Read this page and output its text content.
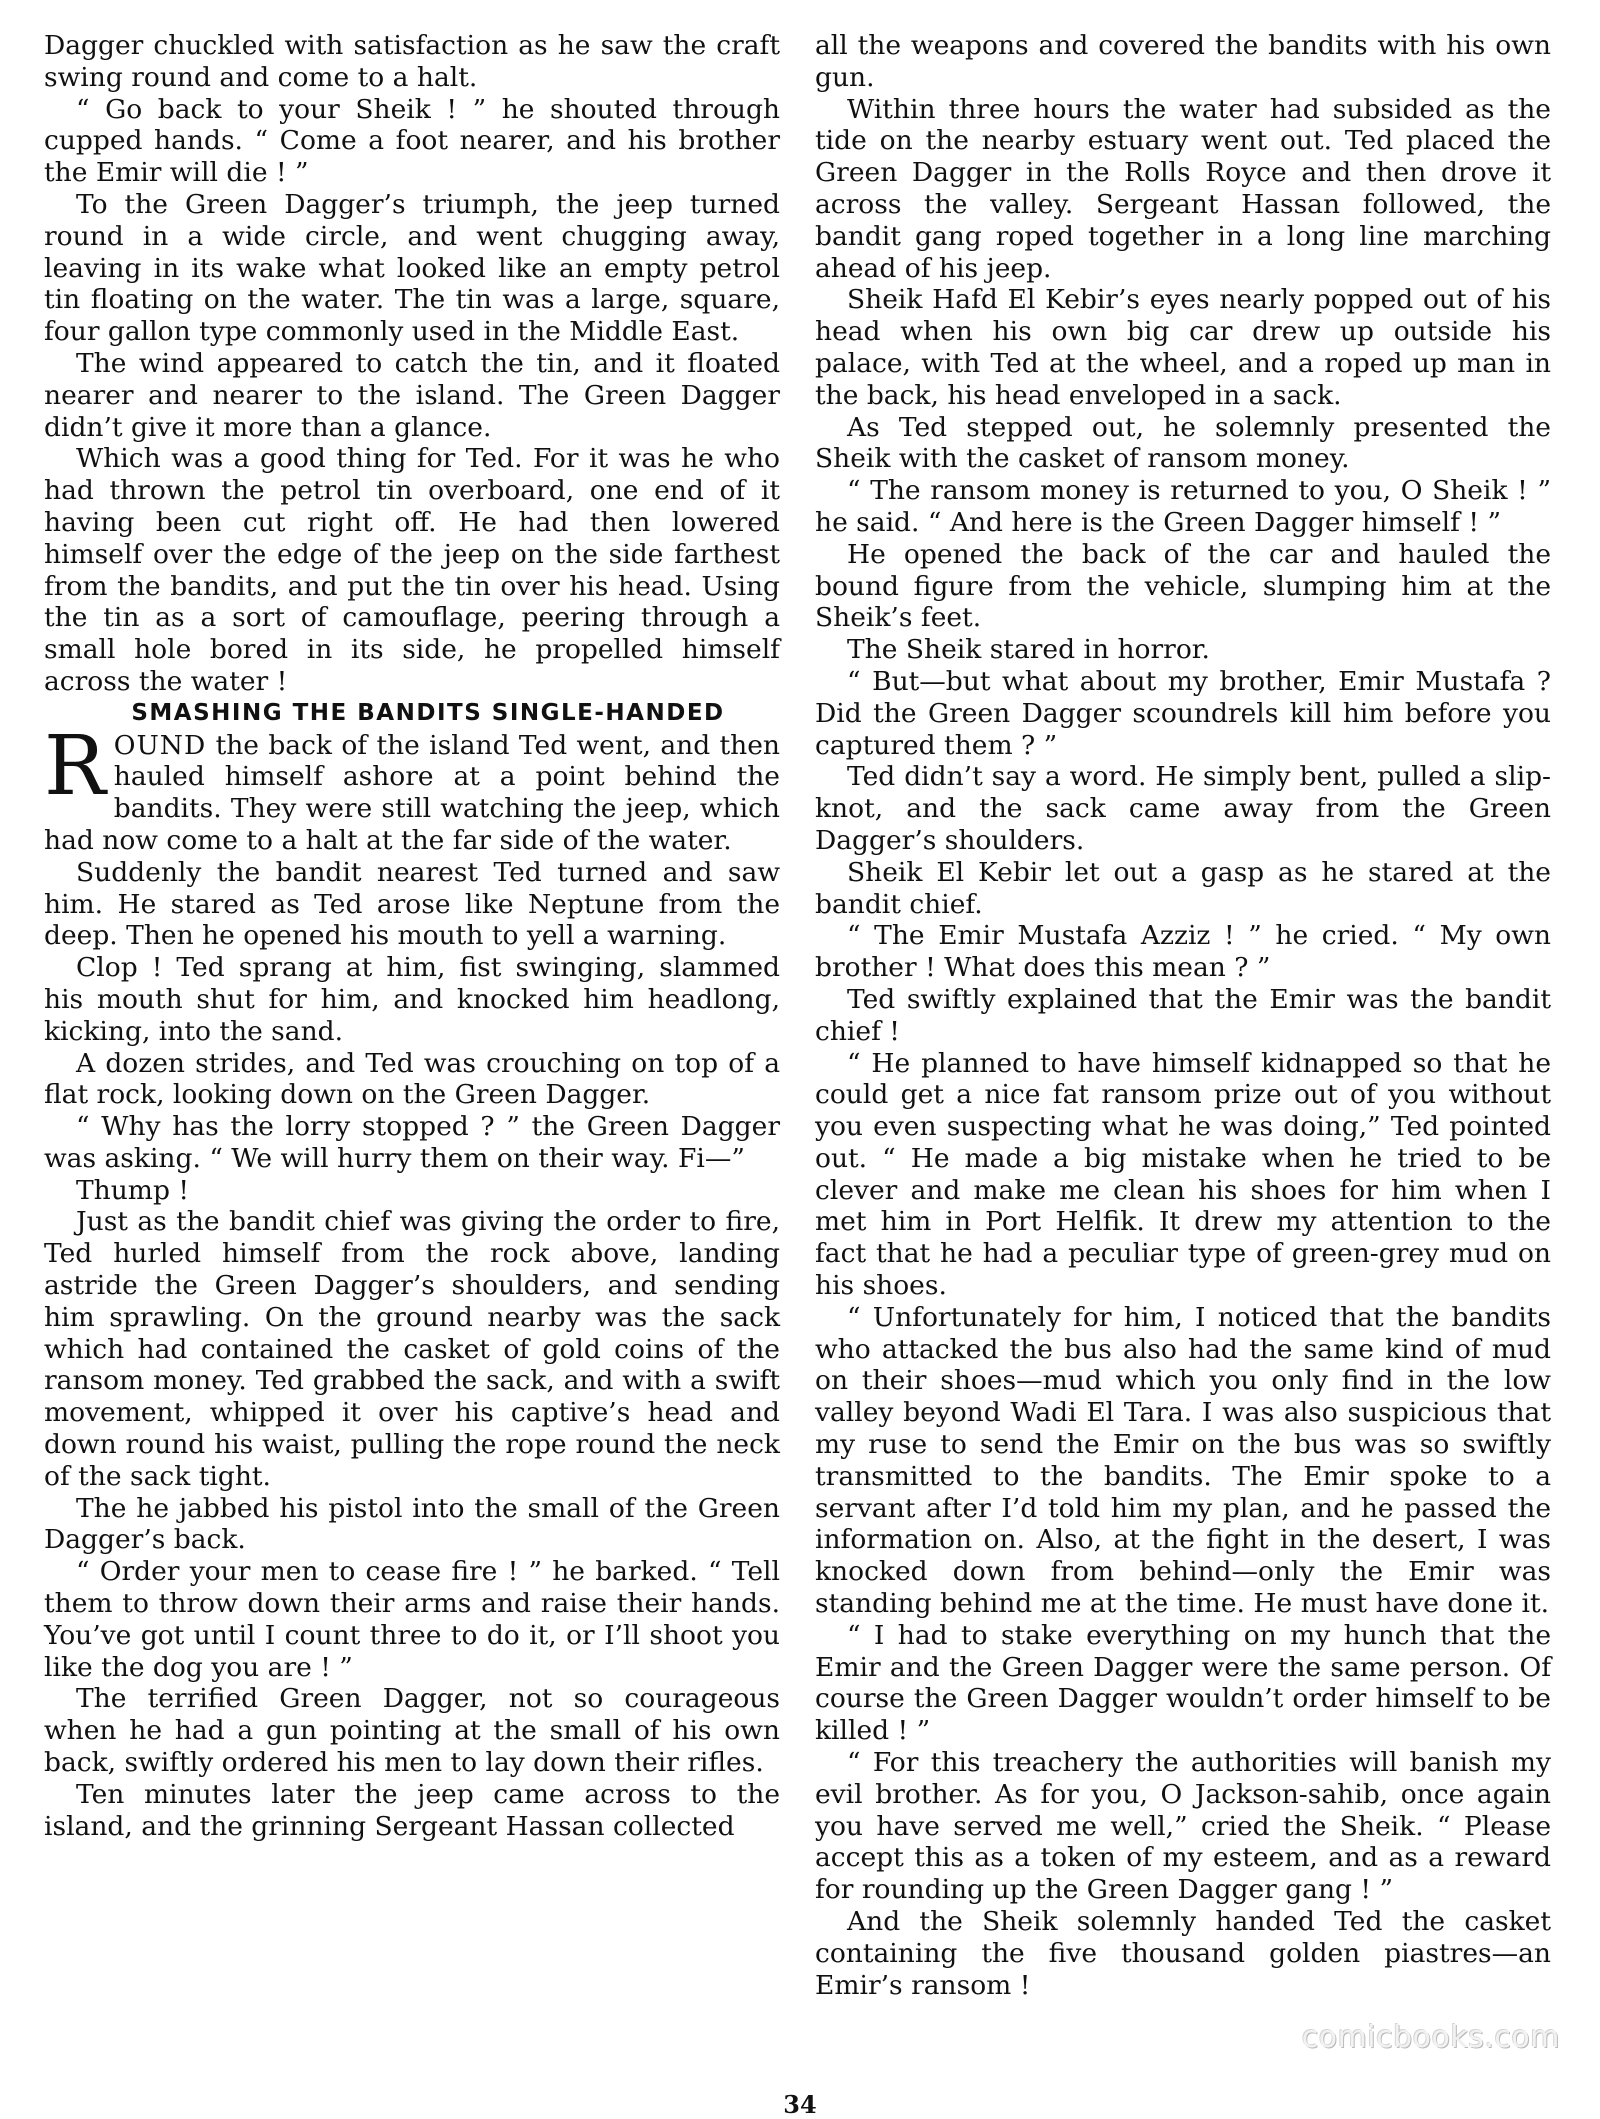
Dagger chuckled with satisfaction as he saw the craft swing round and come to a halt.

“ Go back to your Sheik ! ” he shouted through cupped hands. “ Come a foot nearer, and his brother the Emir will die ! ”

To the Green Dagger’s triumph, the jeep turned round in a wide circle, and went chugging away, leaving in its wake what looked like an empty petrol tin floating on the water. The tin was a large, square, four gallon type commonly used in the Middle East.

The wind appeared to catch the tin, and it floated nearer and nearer to the island. The Green Dagger didn’t give it more than a glance.

Which was a good thing for Ted. For it was he who had thrown the petrol tin overboard, one end of it having been cut right off. He had then lowered himself over the edge of the jeep on the side farthest from the bandits, and put the tin over his head. Using the tin as a sort of camouflage, peering through a small hole bored in its side, he propelled himself across the water !

SMASHING THE BANDITS SINGLE-HANDED

ROUND the back of the island Ted went, and then hauled himself ashore at a point behind the bandits. They were still watching the jeep, which had now come to a halt at the far side of the water.

Suddenly the bandit nearest Ted turned and saw him. He stared as Ted arose like Neptune from the deep. Then he opened his mouth to yell a warning.

Clop ! Ted sprang at him, fist swinging, slammed his mouth shut for him, and knocked him headlong, kicking, into the sand.

A dozen strides, and Ted was crouching on top of a flat rock, looking down on the Green Dagger.

“ Why has the lorry stopped ? ” the Green Dagger was asking. “ We will hurry them on their way. Fi—”

Thump !

Just as the bandit chief was giving the order to fire, Ted hurled himself from the rock above, landing astride the Green Dagger’s shoulders, and sending him sprawling. On the ground nearby was the sack which had contained the casket of gold coins of the ransom money. Ted grabbed the sack, and with a swift movement, whipped it over his captive’s head and down round his waist, pulling the rope round the neck of the sack tight.

The he jabbed his pistol into the small of the Green Dagger’s back.

“ Order your men to cease fire ! ” he barked. “ Tell them to throw down their arms and raise their hands. You’ve got until I count three to do it, or I’ll shoot you like the dog you are ! ”

The terrified Green Dagger, not so courageous when he had a gun pointing at the small of his own back, swiftly ordered his men to lay down their rifles.

Ten minutes later the jeep came across to the island, and the grinning Sergeant Hassan collected

all the weapons and covered the bandits with his own gun.

Within three hours the water had subsided as the tide on the nearby estuary went out. Ted placed the Green Dagger in the Rolls Royce and then drove it across the valley. Sergeant Hassan followed, the bandit gang roped together in a long line marching ahead of his jeep.

Sheik Hafd El Kebir’s eyes nearly popped out of his head when his own big car drew up outside his palace, with Ted at the wheel, and a roped up man in the back, his head enveloped in a sack.

As Ted stepped out, he solemnly presented the Sheik with the casket of ransom money.

“ The ransom money is returned to you, O Sheik ! ” he said. “ And here is the Green Dagger himself ! ”

He opened the back of the car and hauled the bound figure from the vehicle, slumping him at the Sheik’s feet.

The Sheik stared in horror.

“ But—but what about my brother, Emir Mustafa ? Did the Green Dagger scoundrels kill him before you captured them ? ”

Ted didn’t say a word. He simply bent, pulled a slip-knot, and the sack came away from the Green Dagger’s shoulders.

Sheik El Kebir let out a gasp as he stared at the bandit chief.

“ The Emir Mustafa Azziz ! ” he cried. “ My own brother ! What does this mean ? ”

Ted swiftly explained that the Emir was the bandit chief !

“ He planned to have himself kidnapped so that he could get a nice fat ransom prize out of you without you even suspecting what he was doing,” Ted pointed out. “ He made a big mistake when he tried to be clever and make me clean his shoes for him when I met him in Port Helfik. It drew my attention to the fact that he had a peculiar type of green-grey mud on his shoes.

“ Unfortunately for him, I noticed that the bandits who attacked the bus also had the same kind of mud on their shoes—mud which you only find in the low valley beyond Wadi El Tara. I was also suspicious that my ruse to send the Emir on the bus was so swiftly transmitted to the bandits. The Emir spoke to a servant after I’d told him my plan, and he passed the information on. Also, at the fight in the desert, I was knocked down from behind—only the Emir was standing behind me at the time. He must have done it.

“ I had to stake everything on my hunch that the Emir and the Green Dagger were the same person. Of course the Green Dagger wouldn’t order himself to be killed ! ”

“ For this treachery the authorities will banish my evil brother. As for you, O Jackson-sahib, once again you have served me well,” cried the Sheik. “ Please accept this as a token of my esteem, and as a reward for rounding up the Green Dagger gang ! ”

And the Sheik solemnly handed Ted the casket containing the five thousand golden piastres—an Emir’s ransom !

comicbooks.com
34
